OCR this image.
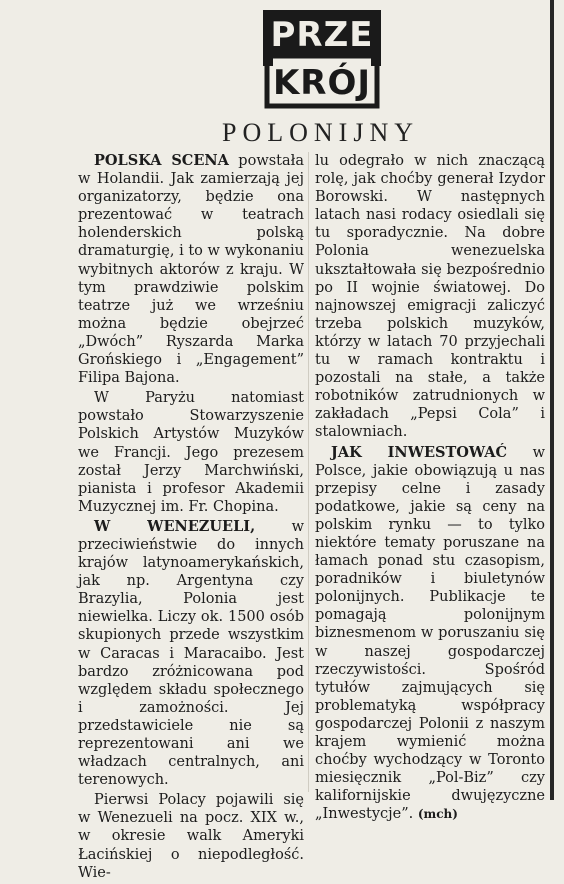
PRZE
KRÓJ
POLONIJNY

POLSKA SCENA powstała w Holandii. Jak zamierzają jej organizatorzy, będzie ona prezentować w teatrach holenderskich polską dramaturgię, i to w wykonaniu wybitnych aktorów z kraju. W tym prawdziwie polskim teatrze już we wrześniu można będzie obejrzeć „Dwóch” Ryszarda Marka Grońskiego i „Engagement” Filipa Bajona.

W Paryżu natomiast powstało Stowarzyszenie Polskich Artystów Muzyków we Francji. Jego prezesem został Jerzy Marchwiński, pianista i profesor Akademii Muzycznej im. Fr. Chopina.

W WENEZUELI, w przeciwieństwie do innych krajów latynoamerykańskich, jak np. Argentyna czy Brazylia, Polonia jest niewielka. Liczy ok. 1500 osób skupionych przede wszystkim w Caracas i Maracaibo. Jest bardzo zróżnicowana pod względem składu społecznego i zamożności. Jej przedstawiciele nie są reprezentowani ani we władzach centralnych, ani terenowych.

Pierwsi Polacy pojawili się w Wenezueli na pocz. XIX w., w okresie walk Ameryki Łacińskiej o niepodległość. Wie-

lu odegrało w nich znaczącą rolę, jak choćby generał Izydor Borowski. W następnych latach nasi rodacy osiedlali się tu sporadycznie. Na dobre Polonia wenezuelska ukształtowała się bezpośrednio po II wojnie światowej. Do najnowszej emigracji zaliczyć trzeba polskich muzyków, którzy w latach 70 przyjechali tu w ramach kontraktu i pozostali na stałe, a także robotników zatrudnionych w zakładach „Pepsi Cola” i stalowniach.

JAK INWESTOWAĆ w Polsce, jakie obowiązują u nas przepisy celne i zasady podatkowe, jakie są ceny na polskim rynku — to tylko niektóre tematy poruszane na łamach ponad stu czasopism, poradników i biuletynów polonijnych. Publikacje te pomagają polonijnym biznesmenom w poruszaniu się w naszej gospodarczej rzeczywistości. Spośród tytułów zajmujących się problematyką współpracy gospodarczej Polonii z naszym krajem wymienić można choćby wychodzący w Toronto miesięcznik „Pol-Biz” czy kalifornijskie dwujęzyczne „Inwestycje”. (mch)
